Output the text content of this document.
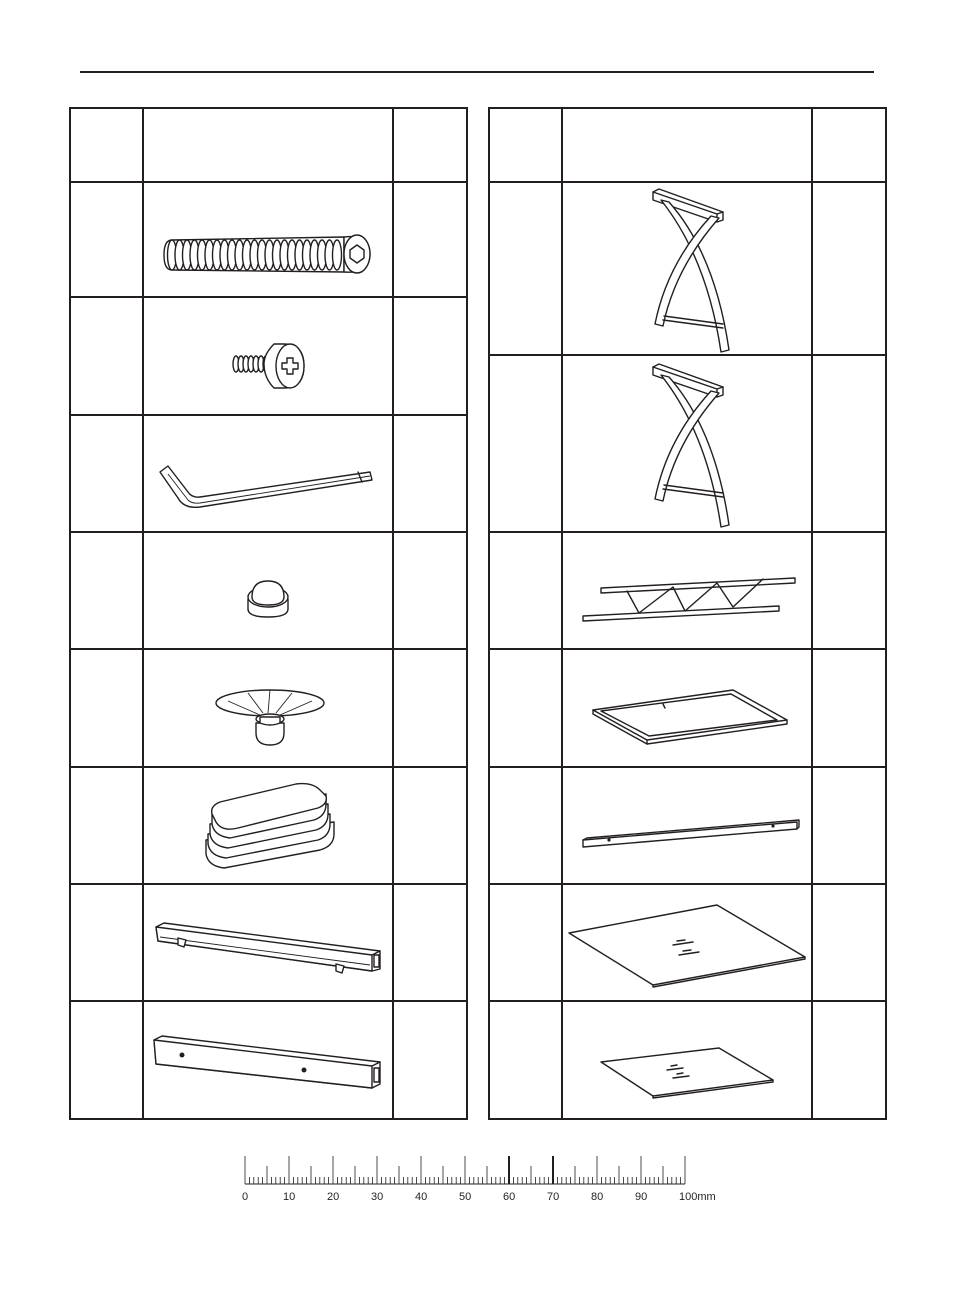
0	10	20	30	40	50	60	70	80	90	100mm
